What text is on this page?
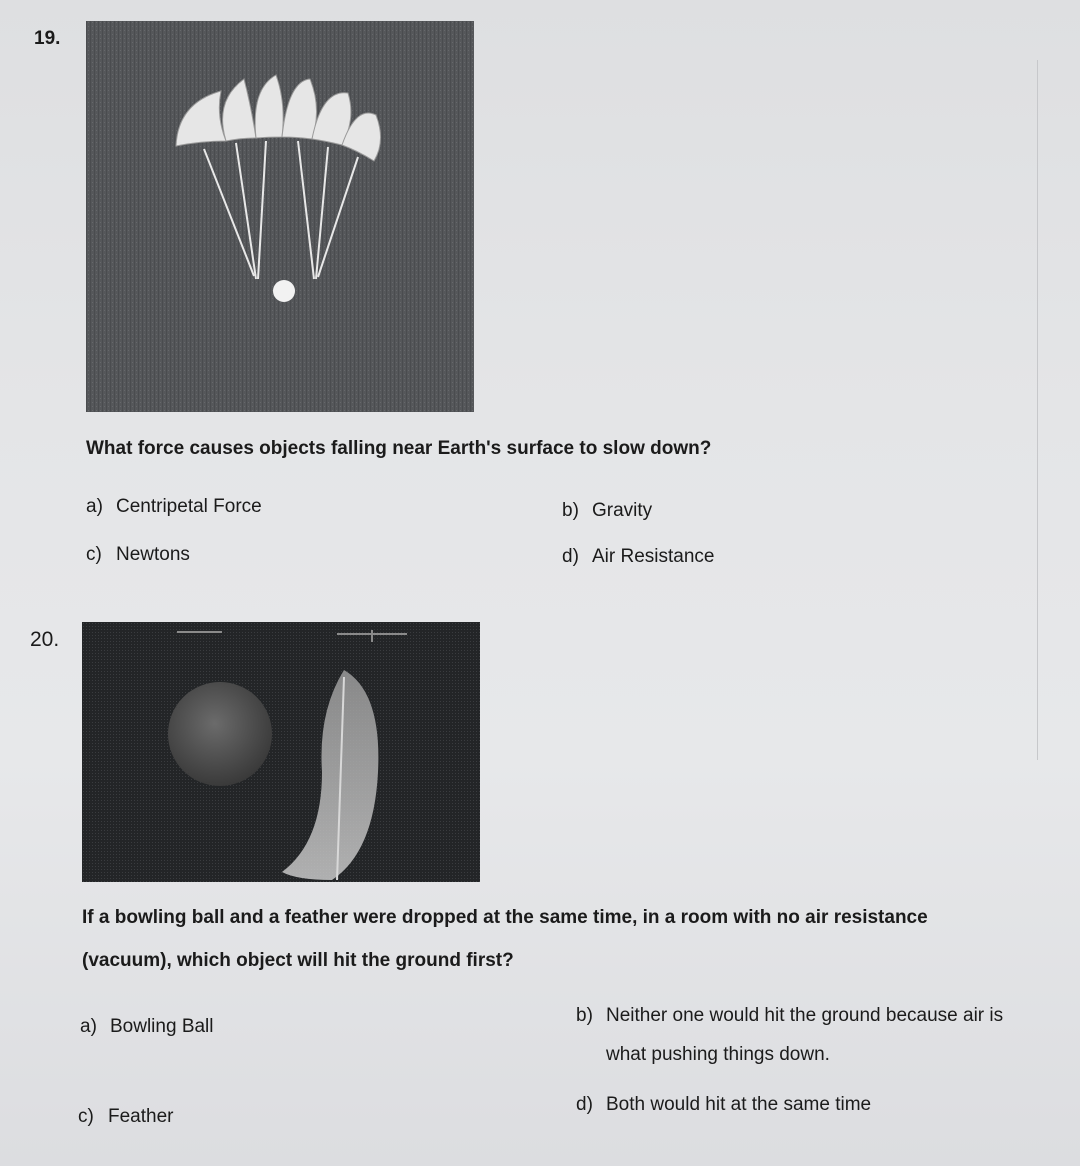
19.
What force causes objects falling near Earth's surface to slow down?
a) Centripetal Force	b) Gravity
c) Newtons	d) Air Resistance
20.
If a bowling ball and a feather were dropped at the same time, in a room with no air resistance
(vacuum), which object will hit the ground first?
a) Bowling Ball
b) Neither one would hit the ground because air is
what pushing things down.
c) Feather
d) Both would hit at the same time
